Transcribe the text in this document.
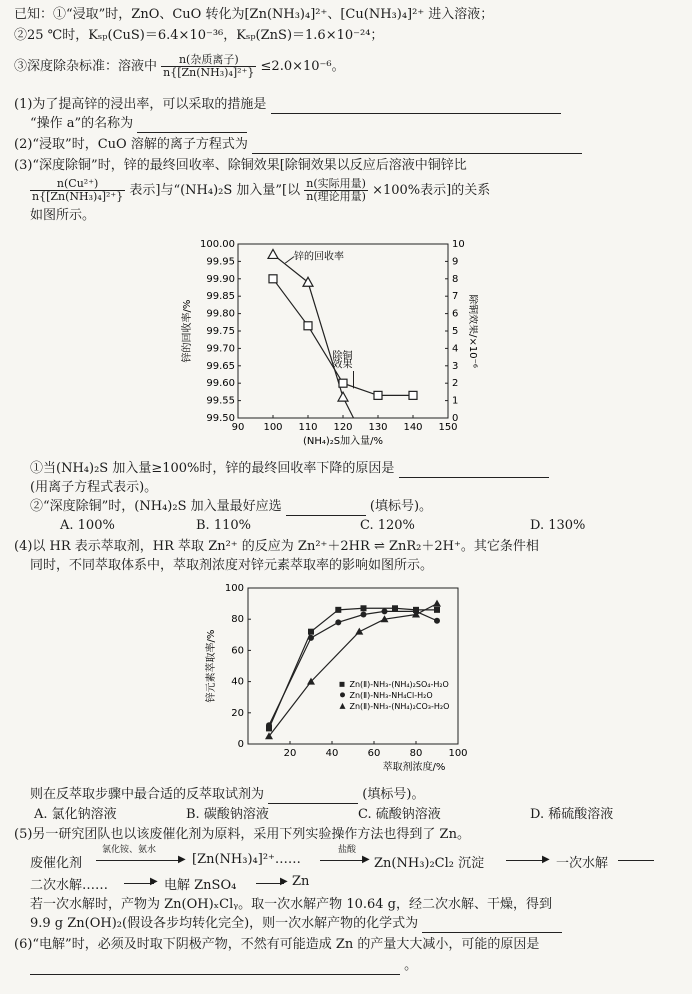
已知：①“浸取”时，ZnO、CuO 转化为[Zn(NH₃)₄]²⁺、[Cu(NH₃)₄]²⁺ 进入溶液；
②25 ℃时，Kₛₚ(CuS)＝6.4×10⁻³⁶，Kₛₚ(ZnS)＝1.6×10⁻²⁴；
③深度除杂标准：溶液中 $\frac{\text{n(杂质离子)}}{\text{n\{[Zn(NH₃)₄]²⁺\}}} \le 2.0\times 10^{-6}$。
(1)为了提高锌的浸出率，可以采取的措施是
“操作 a”的名称为
(2)“浸取”时，CuO 溶解的离子方程式为
(3)“深度除铜”时，锌的最终回收率、除铜效果[除铜效果以反应后溶液中铜锌比
$\frac{\text{n(Cu²⁺)}}{\text{n\{[Zn(NH₃)₄]²⁺\}}}$ 表示]与“(NH₄)₂S 加入量”[以 $\frac{\text{n(实际用量)}}{\text{n(理论用量)}} \times 100\%$表示]的关系
如图所示。
90 100 110 120 130 140 150
100.00
99.95
99.90
99.85
99.80
99.75
99.70
99.65
99.60
99.55
99.50
10
9
8
7
6
5
4
3
2
1
0
(NH₄)₂S加入量/%
锌的回收率/%	除铜效果/×10⁻⁶
锌的回收率
除铜
效果
①当(NH₄)₂S 加入量≥100%时，锌的最终回收率下降的原因是
(用离子方程式表示)。
②“深度除铜”时，(NH₄)₂S 加入量最好应选	(填标号)。
A. 100%	B. 110%	C. 120%	D. 130%
(4)以 HR 表示萃取剂，HR 萃取 Zn²⁺ 的反应为 Zn²⁺＋2HR ⇌ ZnR₂＋2H⁺。其它条件相
同时，不同萃取体系中，萃取剂浓度对锌元素萃取率的影响如图所示。
20	40	60	80	100
0
20
40
60
80
100
萃取剂浓度/%
锌元素萃取率/%	Zn(Ⅱ)-NH₃-(NH₄)₂SO₄-H₂O
Zn(Ⅱ)-NH₃-NH₄Cl-H₂O
Zn(Ⅱ)-NH₃-(NH₄)₂CO₃-H₂O
则在反萃取步骤中最合适的反萃取试剂为	(填标号)。
A. 氯化钠溶液	B. 碳酸钠溶液	C. 硫酸钠溶液	D. 稀硫酸溶液
(5)另一研究团队也以该废催化剂为原料，采用下列实验操作方法也得到了 Zn。
废催化剂
氯化铵、氨水
▶ [Zn(NH₃)₄]²⁺……
盐酸
▶ Zn(NH₃)₂Cl₂ 沉淀	▶ 一次水解
二次水解……	▶ 电解 ZnSO₄	▶ Zn
若一次水解时，产物为 Zn(OH)ₓClᵧ。取一次水解产物 10.64 g，经二次水解、干燥，得到
9.9 g Zn(OH)₂(假设各步均转化完全)，则一次水解产物的化学式为
(6)“电解”时，必须及时取下阴极产物，不然有可能造成 Zn 的产量大大减小，可能的原因是
。
